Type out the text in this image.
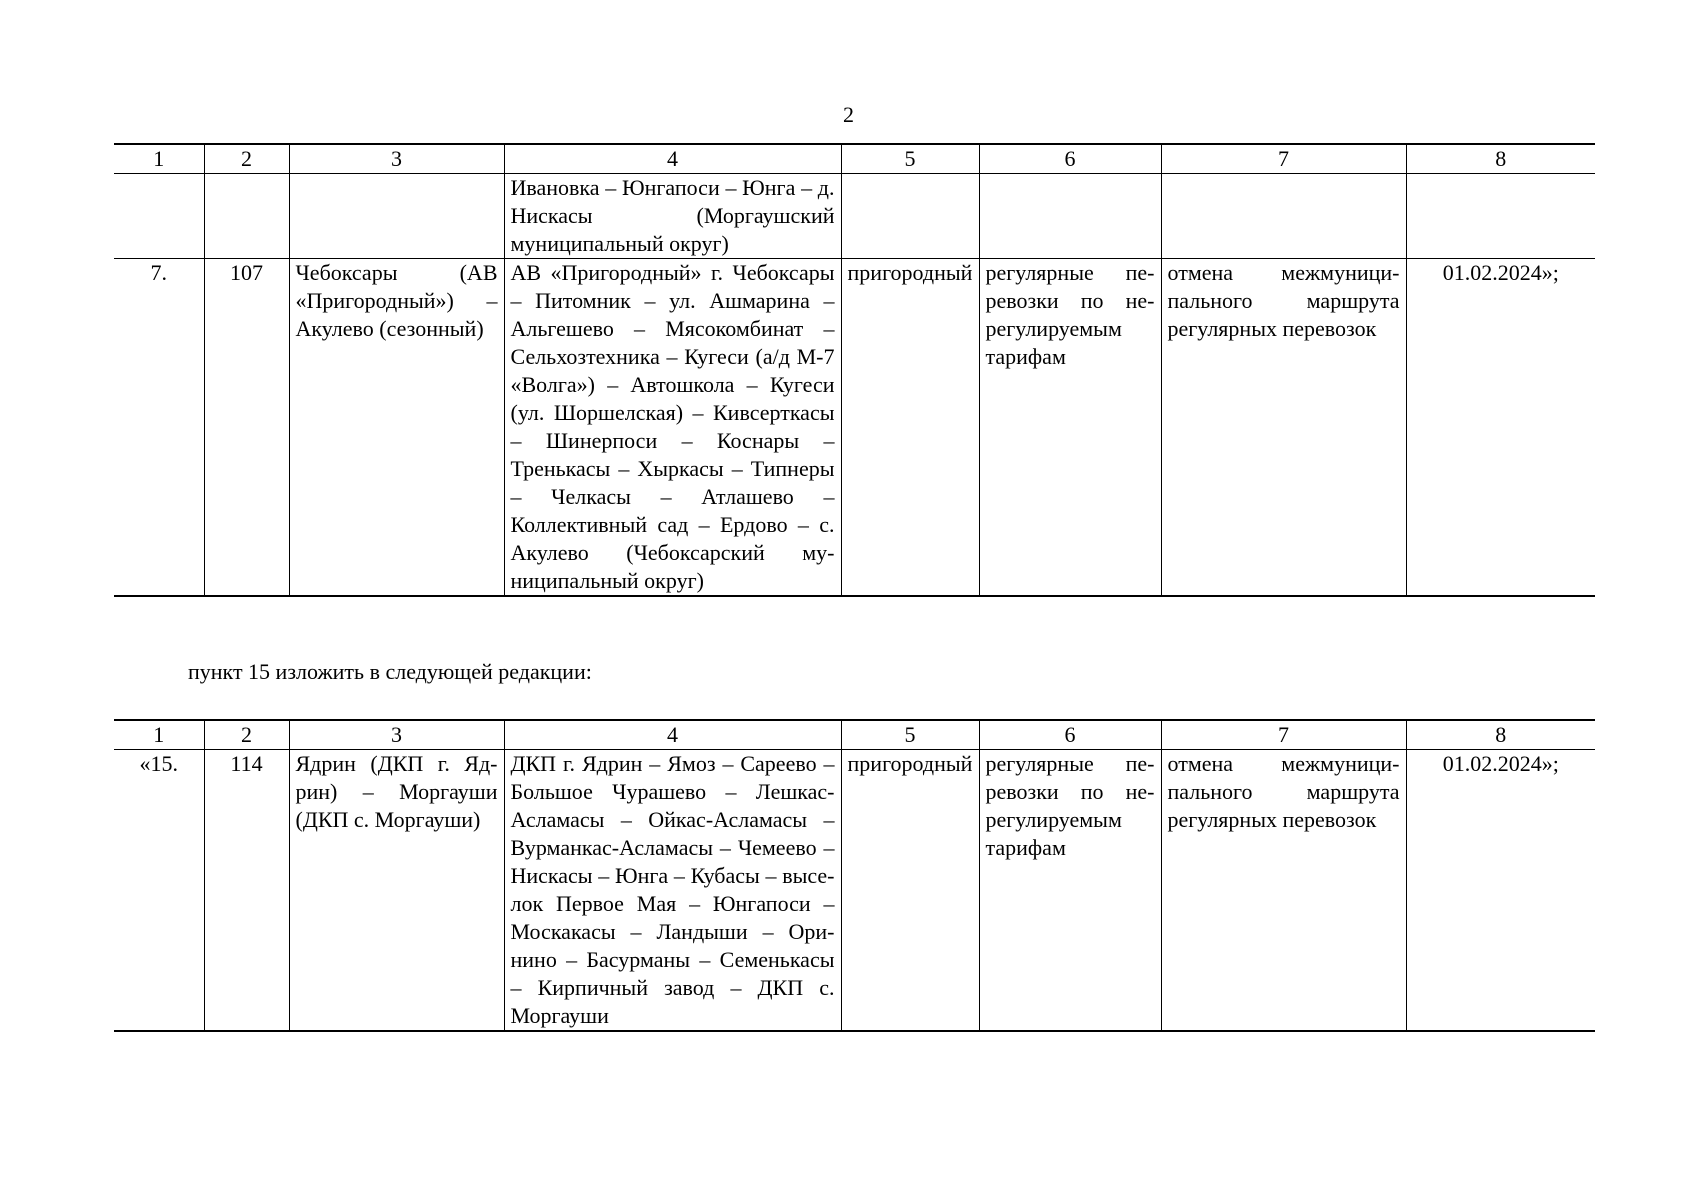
2
1	2	3	4	5	6	7	8
			Ивановка – Юнгапоси – Юнга – д. Нискасы (Моргаушский муниципальный округ)				
7.	107	Чебоксары (АВ «Пригородный») – Акулево (сезонный)	АВ «Пригородный» г. Чебоксары – Питомник – ул. Ашмарина – Альгешево – Мясокомбинат – Сельхозтехника – Кугеси (а/д М-7 «Волга») – Автошкола – Кугеси (ул. Шоршелская) – Кивсерткасы – Шинерпоси – Коснары – Тренькасы – Хыркасы – Типнеры – Челкасы – Атлашево – Коллективный сад – Ердово – с. Акулево (Чебоксарский муниципальный округ)	пригородный	регулярные перевозки по нерегулируемым тарифам	отмена межмуниципального маршрута регулярных перевозок	01.02.2024»;
пункт 15 изложить в следующей редакции:
1	2	3	4	5	6	7	8
«15.	114	Ядрин (ДКП г. Ядрин) – Моргауши (ДКП с. Моргауши)	ДКП г. Ядрин – Ямоз – Сареево – Большое Чурашево – Лешкас-Асламасы – Ойкас-Асламасы – Вурманкас-Асламасы – Чемеево – Нискасы – Юнга – Кубасы – выселок Первое Мая – Юнгапоси – Москакасы – Ландыши – Оринино – Басурманы – Семенькасы – Кирпичный завод – ДКП с. Моргауши	пригородный	регулярные перевозки по нерегулируемым тарифам	отмена межмуниципального маршрута регулярных перевозок	01.02.2024»;
